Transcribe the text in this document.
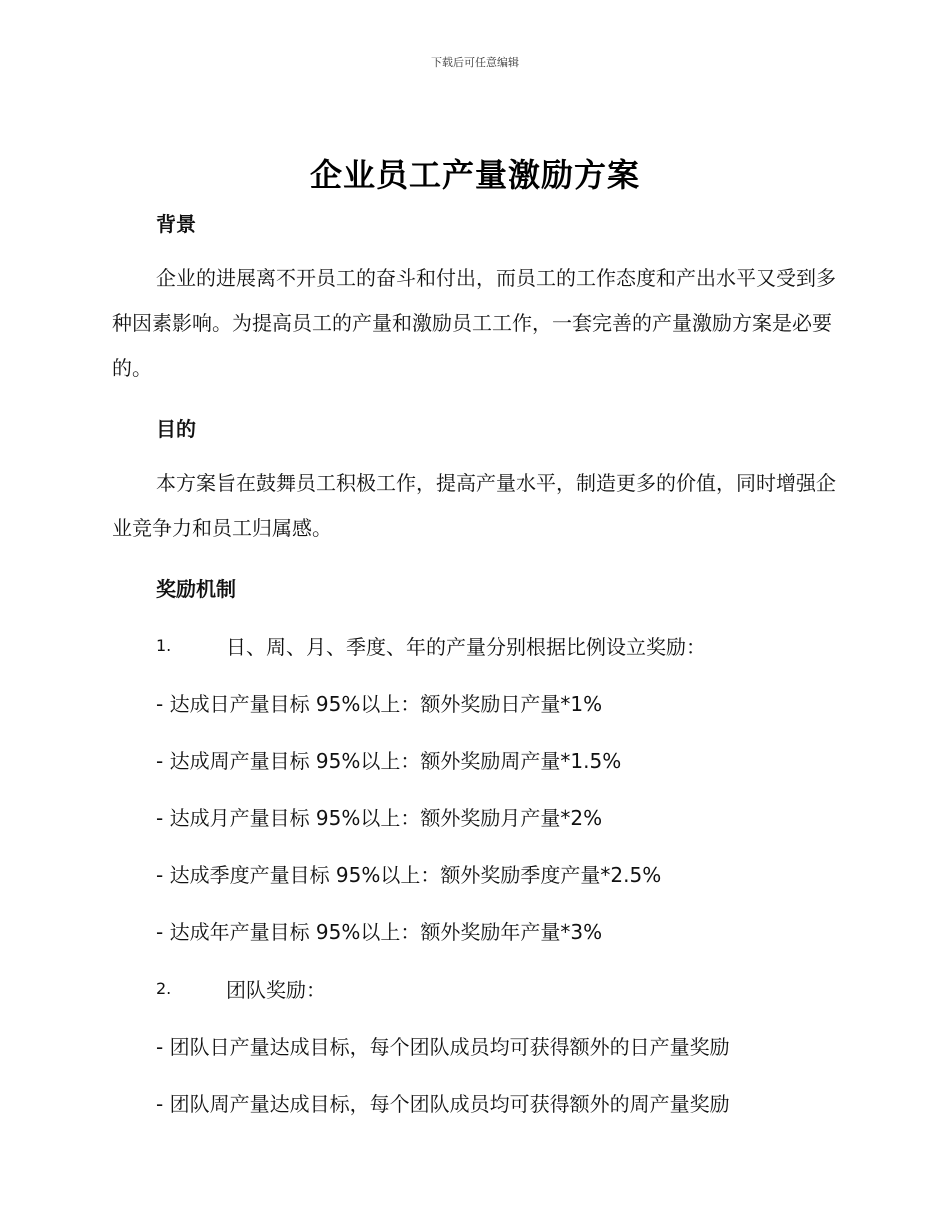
下载后可任意编辑
企业员工产量激励方案
背景

企业的进展离不开员工的奋斗和付出，而员工的工作态度和产出水平又受到多种因素影响。为提高员工的产量和激励员工工作，一套完善的产量激励方案是必要的。

目的

本方案旨在鼓舞员工积极工作，提高产量水平，制造更多的价值，同时增强企业竞争力和员工归属感。

奖励机制
1.	日、周、月、季度、年的产量分别根据比例设立奖励：
- 达成日产量目标 95%以上：额外奖励日产量*1%
- 达成周产量目标 95%以上：额外奖励周产量*1.5%
- 达成月产量目标 95%以上：额外奖励月产量*2%
- 达成季度产量目标 95%以上：额外奖励季度产量*2.5%
- 达成年产量目标 95%以上：额外奖励年产量*3%
2.	团队奖励：
- 团队日产量达成目标，每个团队成员均可获得额外的日产量奖励
- 团队周产量达成目标，每个团队成员均可获得额外的周产量奖励
